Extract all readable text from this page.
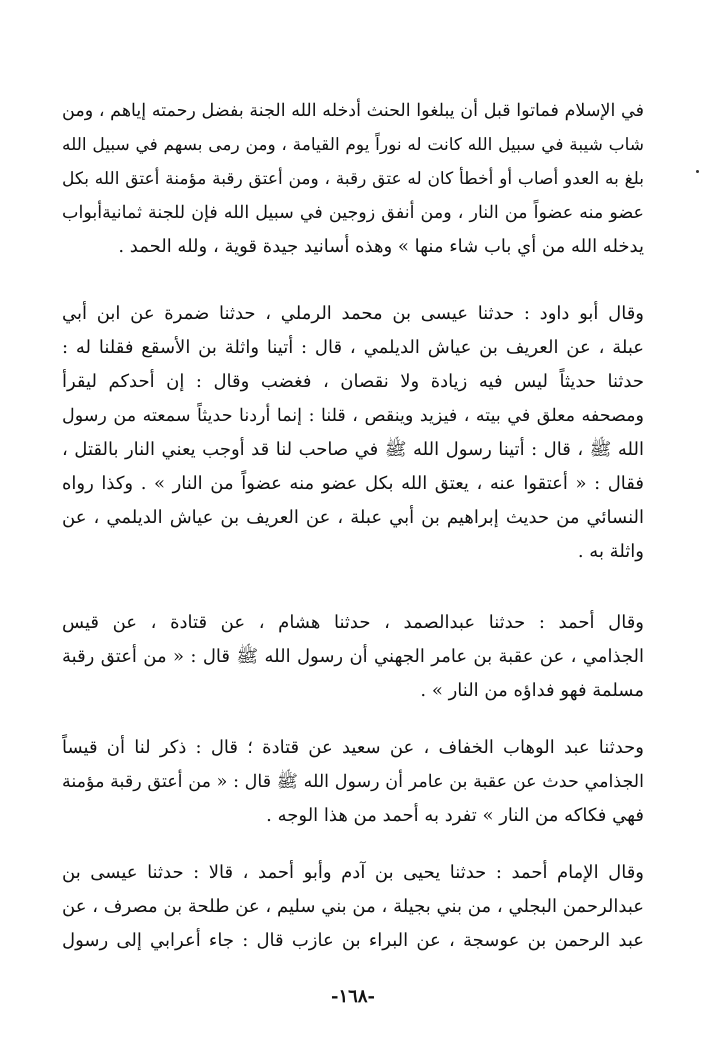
في الإسلام فماتوا قبل أن يبلغوا الحنث أدخله الله الجنة بفضل رحمته إياهم ، ومن
شاب شيبة في سبيل الله كانت له نوراً يوم القيامة ، ومن رمى بسهم في سبيل الله
بلغ به العدو أصاب أو أخطأ كان له عتق رقبة ، ومن أعتق رقبة مؤمنة أعتق الله بكل
عضو منه عضواً من النار ، ومن أنفق زوجين في سبيل الله فإن للجنة ثمانيةأبواب
يدخله الله من أي باب شاء منها » وهذه أسانيد جيدة قوية ، ولله الحمد .
وقال أبو داود : حدثنا عيسى بن محمد الرملي ، حدثنا ضمرة عن ابن أبي
عبلة ، عن العريف بن عياش الديلمي ، قال : أتينا واثلة بن الأسقع فقلنا له :
حدثنا حديثاً ليس فيه زيادة ولا نقصان ، فغضب وقال : إن أحدكم ليقرأ
ومصحفه معلق في بيته ، فيزيد وينقص ، قلنا : إنما أردنا حديثاً سمعته من رسول
الله ﷺ ، قال : أتينا رسول الله ﷺ في صاحب لنا قد أوجب يعني النار بالقتل ،
فقال : « أعتقوا عنه ، يعتق الله بكل عضو منه عضواً من النار » . وكذا رواه
النسائي من حديث إبراهيم بن أبي عبلة ، عن العريف بن عياش الديلمي ، عن
واثلة به .
وقال أحمد : حدثنا عبدالصمد ، حدثنا هشام ، عن قتادة ، عن قيس
الجذامي ، عن عقبة بن عامر الجهني أن رسول الله ﷺ قال : « من أعتق رقبة
مسلمة فهو فداؤه من النار » .
وحدثنا عبد الوهاب الخفاف ، عن سعيد عن قتادة ؛ قال : ذكر لنا أن قيساً
الجذامي حدث عن عقبة بن عامر أن رسول الله ﷺ قال : « من أعتق رقبة مؤمنة
فهي فكاكه من النار » تفرد به أحمد من هذا الوجه .
وقال الإمام أحمد : حدثنا يحيى بن آدم وأبو أحمد ، قالا : حدثنا عيسى بن
عبدالرحمن البجلي ، من بني بجيلة ، من بني سليم ، عن طلحة بن مصرف ، عن
عبد الرحمن بن عوسجة ، عن البراء بن عازب قال : جاء أعرابي إلى رسول
-١٦٨-
